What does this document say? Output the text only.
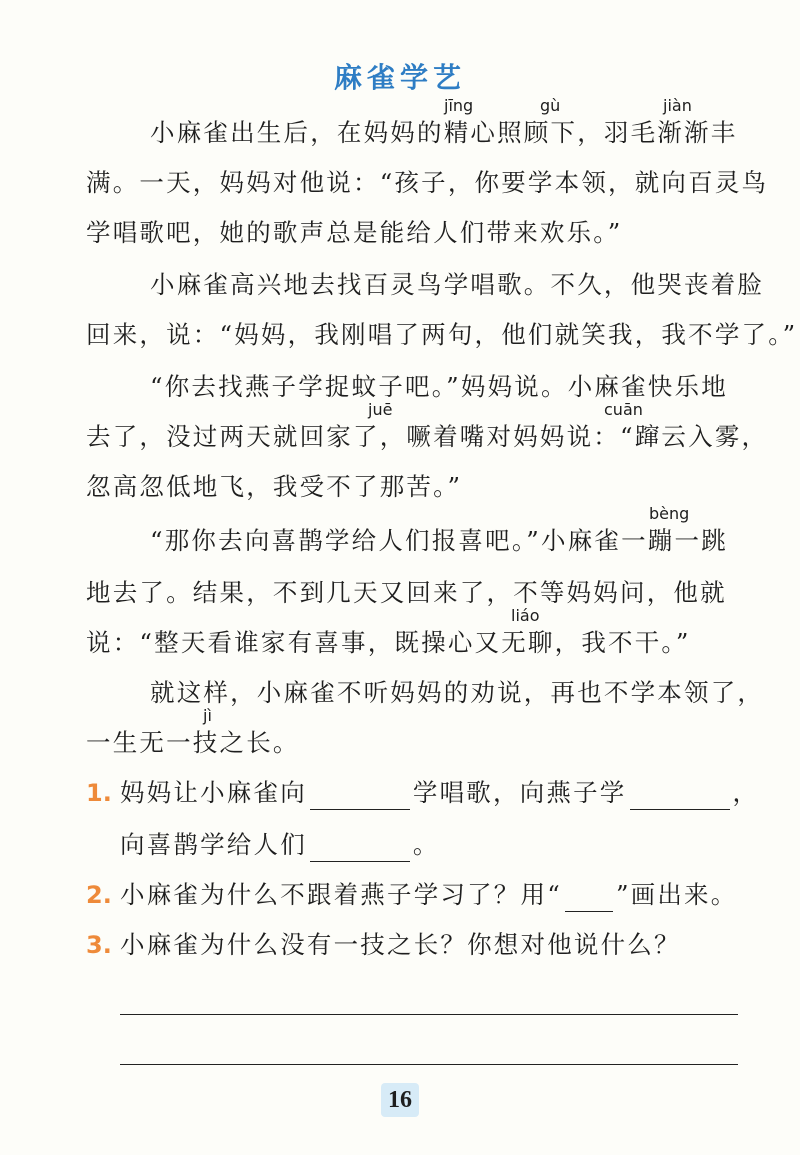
麻雀学艺
jīng	gù	jiàn
juē	cuān
bèng
liáo
jì
小麻雀出生后，在妈妈的精心照顾下，羽毛渐渐丰
满。一天，妈妈对他说：“孩子，你要学本领，就向百灵鸟
学唱歌吧，她的歌声总是能给人们带来欢乐。”
小麻雀高兴地去找百灵鸟学唱歌。不久，他哭丧着脸
回来，说：“妈妈，我刚唱了两句，他们就笑我，我不学了。”
“你去找燕子学捉蚊子吧。”妈妈说。小麻雀快乐地
去了，没过两天就回家了，噘着嘴对妈妈说：“蹿云入雾，
忽高忽低地飞，我受不了那苦。”
“那你去向喜鹊学给人们报喜吧。”小麻雀一蹦一跳
地去了。结果，不到几天又回来了，不等妈妈问，他就
说：“整天看谁家有喜事，既操心又无聊，我不干。”
就这样，小麻雀不听妈妈的劝说，再也不学本领了，
一生无一技之长。
1. 妈妈让小麻雀向	学唱歌，向燕子学	，
向喜鹊学给人们	。
2. 小麻雀为什么不跟着燕子学习了？用“ ”画出来。
3. 小麻雀为什么没有一技之长？你想对他说什么？
16
